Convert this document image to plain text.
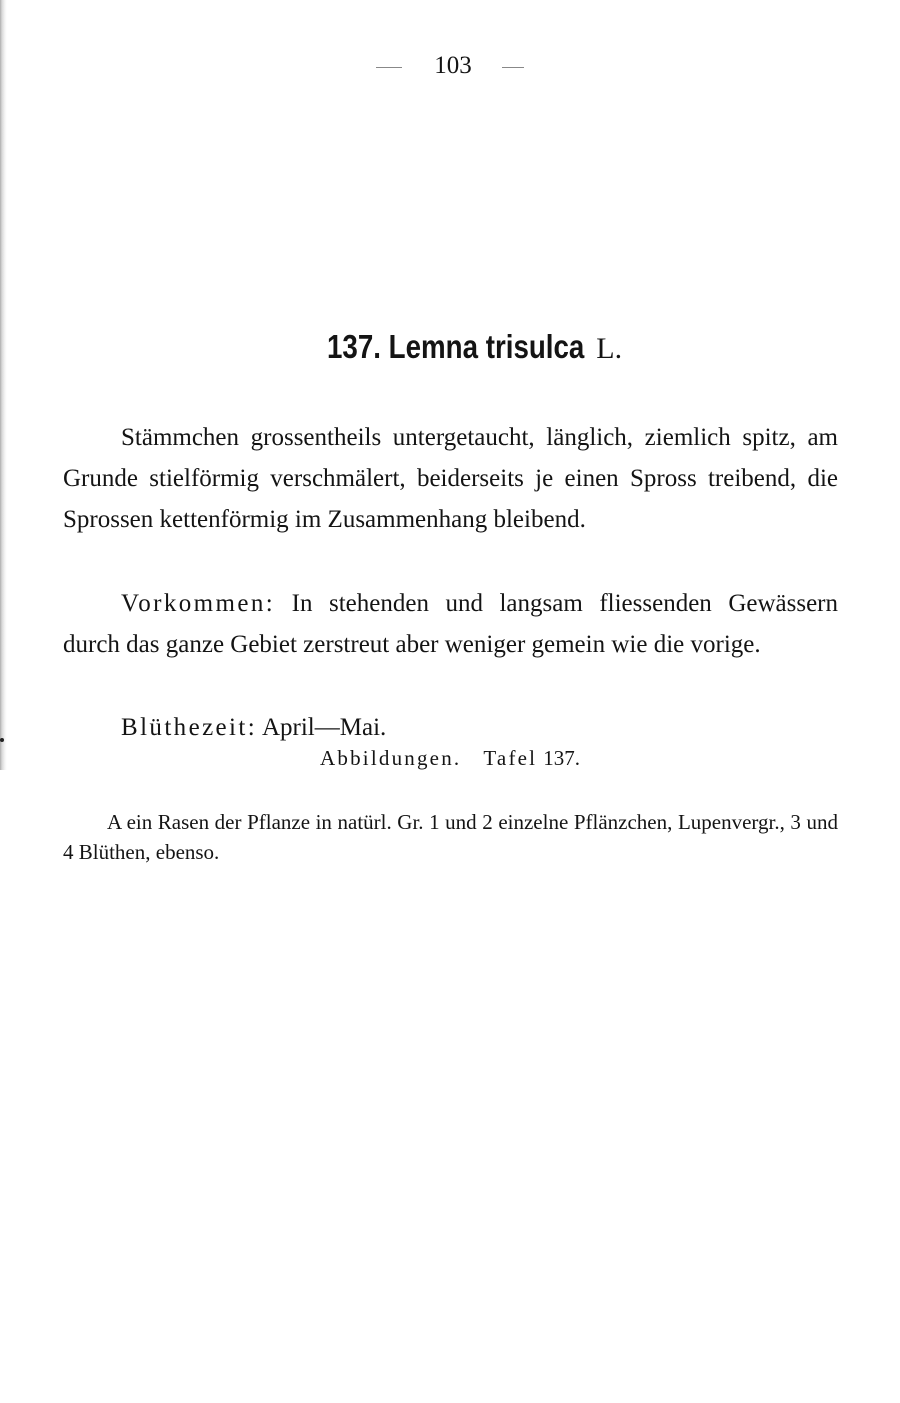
103
137. Lemna trisulca L.

Stämmchen grossentheils untergetaucht, länglich, ziemlich spitz, am Grunde stielförmig verschmälert, beiderseits je einen Spross treibend, die Sprossen kettenförmig im Zusammenhang bleibend.

Vorkommen: In stehenden und langsam fliessenden Gewässern durch das ganze Gebiet zerstreut aber weniger gemein wie die vorige.

Blüthezeit: April—Mai.

Abbildungen. Tafel 137.

A ein Rasen der Pflanze in natürl. Gr. 1 und 2 einzelne Pflänzchen, Lupenvergr., 3 und 4 Blüthen, ebenso.
